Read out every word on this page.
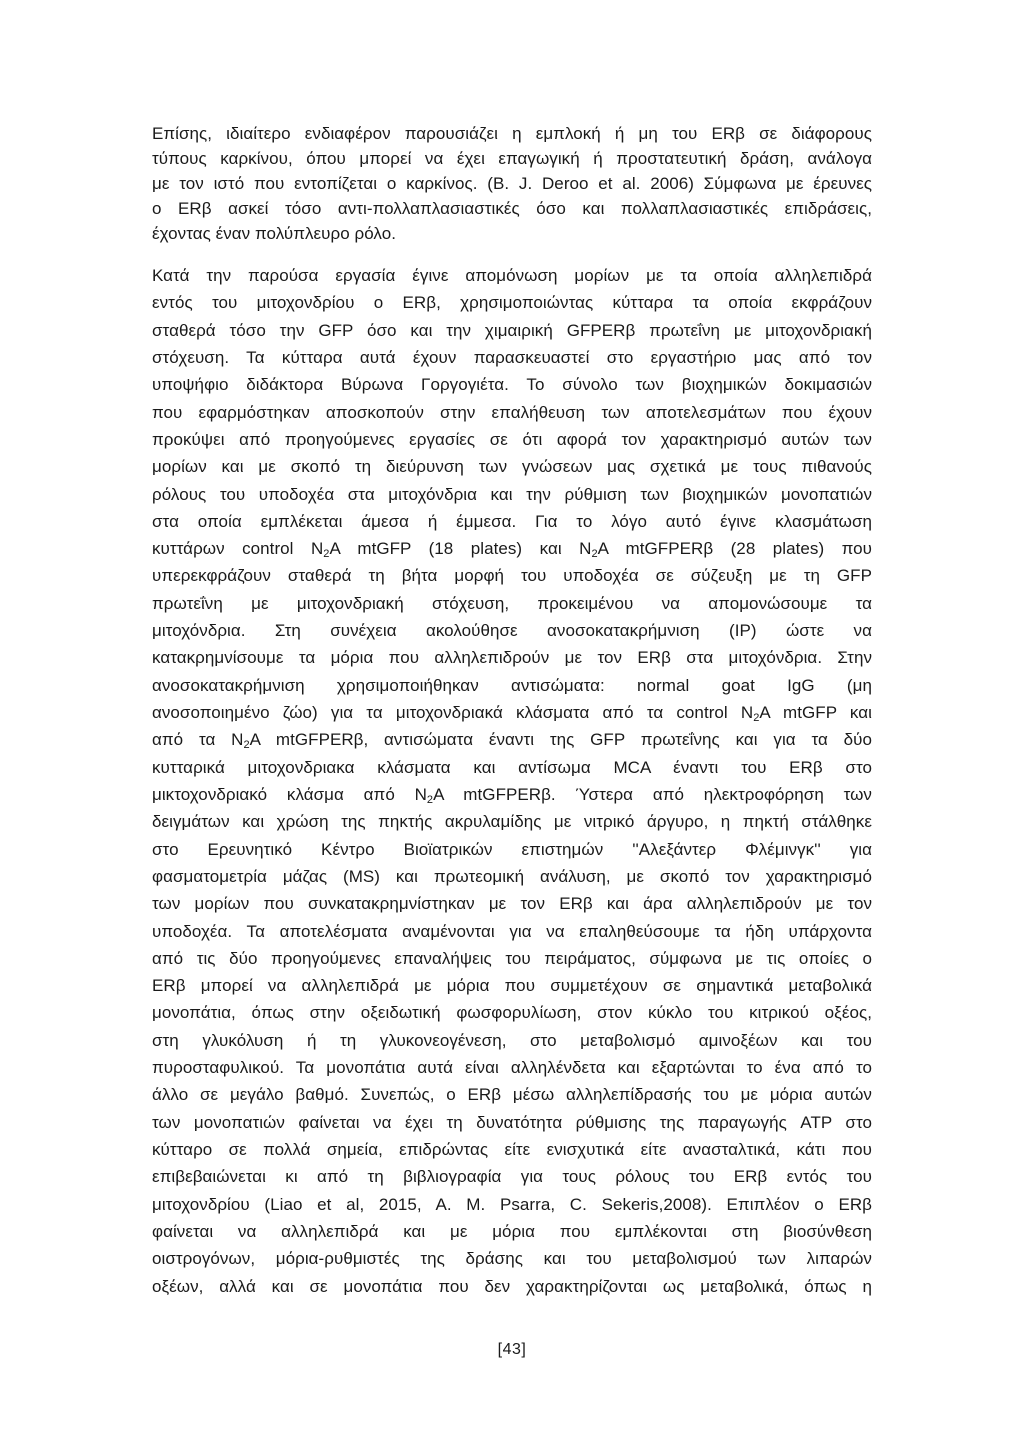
Επίσης, ιδιαίτερο ενδιαφέρον παρουσιάζει η εμπλοκή ή μη του ERβ σε διάφορους
τύπους καρκίνου, όπου μπορεί να έχει επαγωγική ή προστατευτική δράση, ανάλογα
με τον ιστό που εντοπίζεται ο καρκίνος. (B. J. Deroo et al. 2006) Σύμφωνα με έρευνες
ο ERβ ασκεί τόσο αντι-πολλαπλασιαστικές όσο και πολλαπλασιαστικές επιδράσεις,
έχοντας έναν πολύπλευρο ρόλο.

Κατά την παρούσα εργασία έγινε απομόνωση μορίων με τα οποία αλληλεπιδρά
εντός του μιτοχονδρίου ο ERβ, χρησιμοποιώντας κύτταρα τα οποία εκφράζουν
σταθερά τόσο την GFP όσο και την χιμαιρική GFPERβ πρωτεΐνη με μιτοχονδριακή
στόχευση. Τα κύτταρα αυτά έχουν παρασκευαστεί στο εργαστήριο μας από τον
υποψήφιο διδάκτορα Βύρωνα Γοργογιέτα. Το σύνολο των βιοχημικών δοκιμασιών
που εφαρμόστηκαν αποσκοπούν στην επαλήθευση των αποτελεσμάτων που έχουν
προκύψει από προηγούμενες εργασίες σε ότι αφορά τον χαρακτηρισμό αυτών των
μορίων και με σκοπό τη διεύρυνση των γνώσεων μας σχετικά με τους πιθανούς
ρόλους του υποδοχέα στα μιτοχόνδρια και την ρύθμιση των βιοχημικών μονοπατιών
στα οποία εμπλέκεται άμεσα ή έμμεσα. Για το λόγο αυτό έγινε κλασμάτωση
κυττάρων control $N_2A$ mtGFP (18 plates) και $N_2A$ mtGFPERβ (28 plates) που
υπερεκφράζουν σταθερά τη βήτα μορφή του υποδοχέα σε σύζευξη με τη GFP
πρωτεΐνη με μιτοχονδριακή στόχευση, προκειμένου να απομονώσουμε τα
μιτοχόνδρια. Στη συνέχεια ακολούθησε ανοσοκατακρήμνιση (IP) ώστε να
κατακρημνίσουμε τα μόρια που αλληλεπιδρούν με τον ERβ στα μιτοχόνδρια. Στην
ανοσοκατακρήμνιση χρησιμοποιήθηκαν αντισώματα: normal goat IgG (μη
ανοσοποιημένο ζώο) για τα μιτοχονδριακά κλάσματα από τα control $N_2A$ mtGFP και
από τα $N_2A$ mtGFPERβ, αντισώματα έναντι της GFP πρωτεΐνης και για τα δύο
κυτταρικά μιτοχονδριακα κλάσματα και αντίσωμα MCA έναντι του ERβ στο
μικτοχονδριακό κλάσμα από $N_2A$ mtGFPERβ. Ύστερα από ηλεκτροφόρηση των
δειγμάτων και χρώση της πηκτής ακρυλαμίδης με νιτρικό άργυρο, η πηκτή στάλθηκε
στο Ερευνητικό Κέντρο Βιοϊατρικών επιστημών ''Αλεξάντερ Φλέμινγκ'' για
φασματομετρία μάζας (MS) και πρωτεομική ανάλυση, με σκοπό τον χαρακτηρισμό
των μορίων που συνκατακρημνίστηκαν με τον ERβ και άρα αλληλεπιδρούν με τον
υποδοχέα. Τα αποτελέσματα αναμένονται για να επαληθεύσουμε τα ήδη υπάρχοντα
από τις δύο προηγούμενες επαναλήψεις του πειράματος, σύμφωνα με τις οποίες ο
ERβ μπορεί να αλληλεπιδρά με μόρια που συμμετέχουν σε σημαντικά μεταβολικά
μονοπάτια, όπως στην οξειδωτική φωσφορυλίωση, στον κύκλο του κιτρικού οξέος,
στη γλυκόλυση ή τη γλυκονεογένεση, στο μεταβολισμό αμινοξέων και του
πυροσταφυλικού. Τα μονοπάτια αυτά είναι αλληλένδετα και εξαρτώνται το ένα από το
άλλο σε μεγάλο βαθμό. Συνεπώς, ο ERβ μέσω αλληλεπίδρασής του με μόρια αυτών
των μονοπατιών φαίνεται να έχει τη δυνατότητα ρύθμισης της παραγωγής ATP στο
κύτταρο σε πολλά σημεία, επιδρώντας είτε ενισχυτικά είτε ανασταλτικά, κάτι που
επιβεβαιώνεται κι από τη βιβλιογραφία για τους ρόλους του ERβ εντός του
μιτοχονδρίου (Liao et al, 2015, A. M. Psarra, C. Sekeris,2008). Επιπλέον ο ERβ
φαίνεται να αλληλεπιδρά και με μόρια που εμπλέκονται στη βιοσύνθεση
οιστρογόνων, μόρια-ρυθμιστές της δράσης και του μεταβολισμού των λιπαρών
οξέων, αλλά και σε μονοπάτια που δεν χαρακτηρίζονται ως μεταβολικά, όπως η

[43]
